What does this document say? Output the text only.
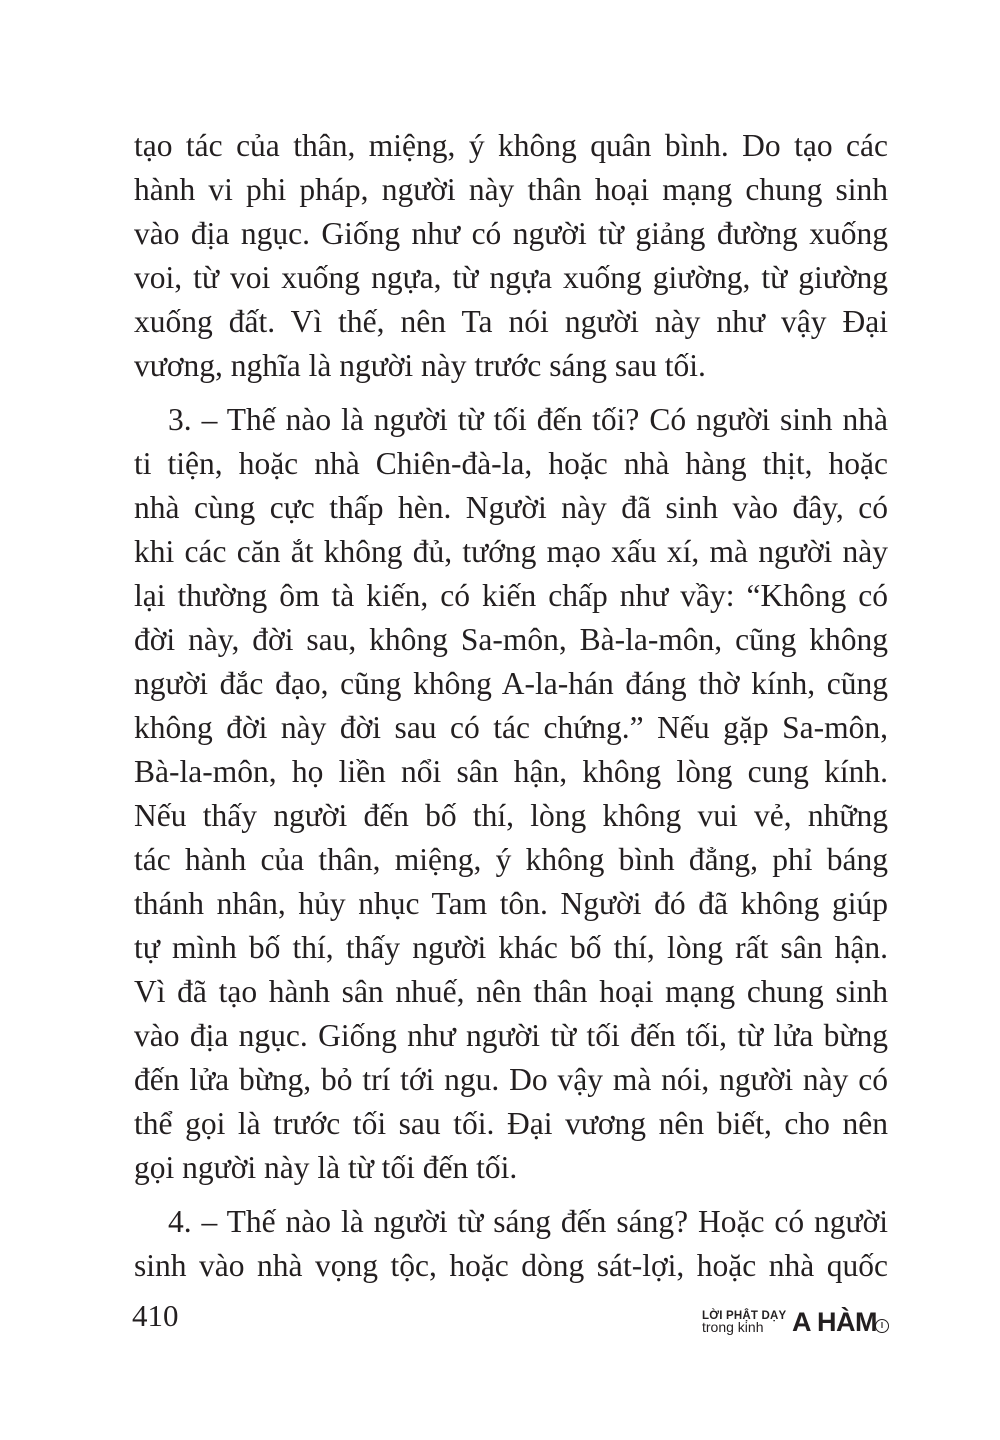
tạo tác của thân, miệng, ý không quân bình. Do tạo các
hành vi phi pháp, người này thân hoại mạng chung sinh
vào địa ngục. Giống như có người từ giảng đường xuống
voi, từ voi xuống ngựa, từ ngựa xuống giường, từ giường
xuống đất. Vì thế, nên Ta nói người này như vậy Đại
vương, nghĩa là người này trước sáng sau tối.
3. – Thế nào là người từ tối đến tối? Có người sinh nhà
ti tiện, hoặc nhà Chiên-đà-la, hoặc nhà hàng thịt, hoặc
nhà cùng cực thấp hèn. Người này đã sinh vào đây, có
khi các căn ắt không đủ, tướng mạo xấu xí, mà người này
lại thường ôm tà kiến, có kiến chấp như vầy: “Không có
đời này, đời sau, không Sa-môn, Bà-la-môn, cũng không
người đắc đạo, cũng không A-la-hán đáng thờ kính, cũng
không đời này đời sau có tác chứng.” Nếu gặp Sa-môn,
Bà-la-môn, họ liền nổi sân hận, không lòng cung kính.
Nếu thấy người đến bố thí, lòng không vui vẻ, những
tác hành của thân, miệng, ý không bình đẳng, phỉ báng
thánh nhân, hủy nhục Tam tôn. Người đó đã không giúp
tự mình bố thí, thấy người khác bố thí, lòng rất sân hận.
Vì đã tạo hành sân nhuế, nên thân hoại mạng chung sinh
vào địa ngục. Giống như người từ tối đến tối, từ lửa bừng
đến lửa bừng, bỏ trí tới ngu. Do vậy mà nói, người này có
thể gọi là trước tối sau tối. Đại vương nên biết, cho nên
gọi người này là từ tối đến tối.
4. – Thế nào là người từ sáng đến sáng? Hoặc có người
sinh vào nhà vọng tộc, hoặc dòng sát-lợi, hoặc nhà quốc
410	LỜI PHẬT DẠY
trong kinh A HÀM I
